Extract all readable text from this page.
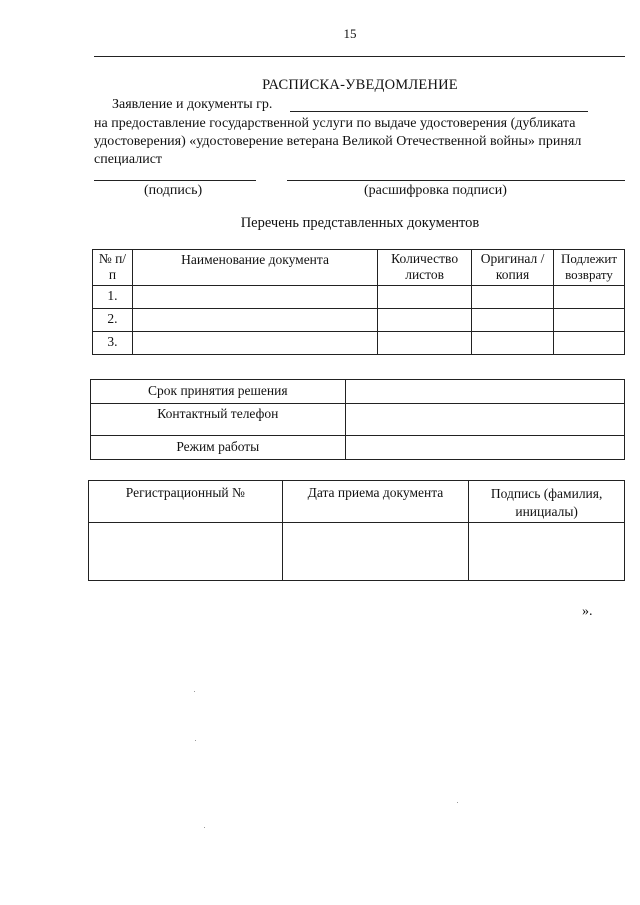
15
РАСПИСКА-УВЕДОМЛЕНИЕ
Заявление и документы гр.
на предоставление государственной услуги по выдаче удостоверения (дубликата
удостоверения) «удостоверение ветерана Великой Отечественной войны» принял
специалист
(подпись)	(расшифровка подписи)
Перечень представленных документов
№ п/п	Наименование документа	Количество листов	Оригинал /копия	Подлежит возврату
1.				
2.				
3.				
Срок принятия решения	
Контактный телефон	
Режим работы	
Регистрационный №	Дата приема документа	Подпись (фамилия, инициалы)

».
